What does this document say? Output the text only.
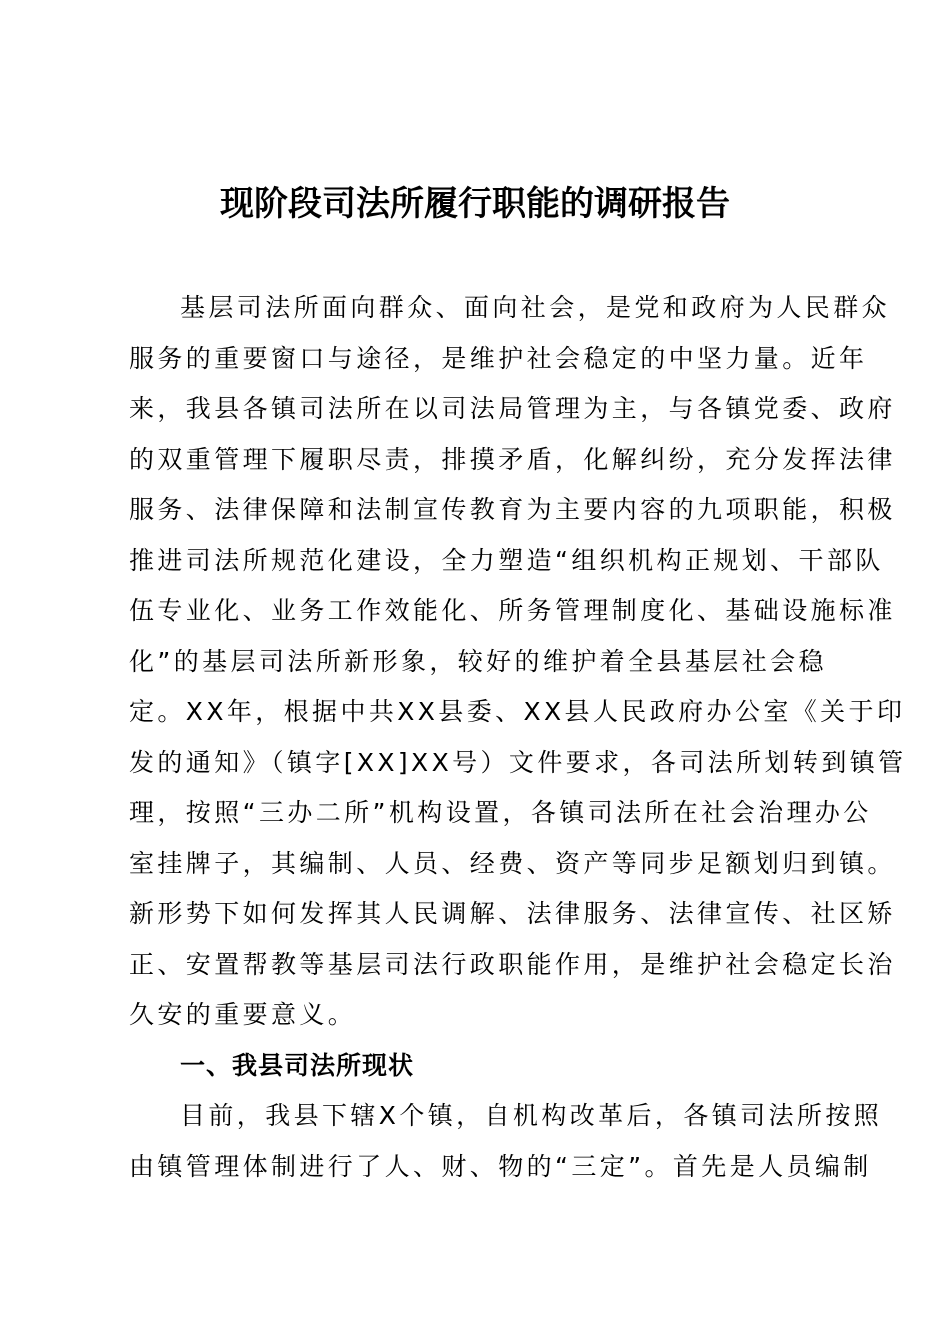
现阶段司法所履行职能的调研报告
基层司法所面向群众、面向社会，是党和政府为人民群众
服务的重要窗口与途径，是维护社会稳定的中坚力量。近年
来，我县各镇司法所在以司法局管理为主，与各镇党委、政府
的双重管理下履职尽责，排摸矛盾，化解纠纷，充分发挥法律
服务、法律保障和法制宣传教育为主要内容的九项职能，积极
推进司法所规范化建设，全力塑造“组织机构正规划、干部队
伍专业化、业务工作效能化、所务管理制度化、基础设施标准
化”的基层司法所新形象，较好的维护着全县基层社会稳
定。XX年，根据中共XX县委、XX县人民政府办公室《关于印
发的通知》（镇字[XX]XX号）文件要求，各司法所划转到镇管
理，按照“三办二所”机构设置，各镇司法所在社会治理办公
室挂牌子，其编制、人员、经费、资产等同步足额划归到镇。
新形势下如何发挥其人民调解、法律服务、法律宣传、社区矫
正、安置帮教等基层司法行政职能作用，是维护社会稳定长治
久安的重要意义。
一、我县司法所现状
目前，我县下辖X个镇，自机构改革后，各镇司法所按照
由镇管理体制进行了人、财、物的“三定”。首先是人员编制
